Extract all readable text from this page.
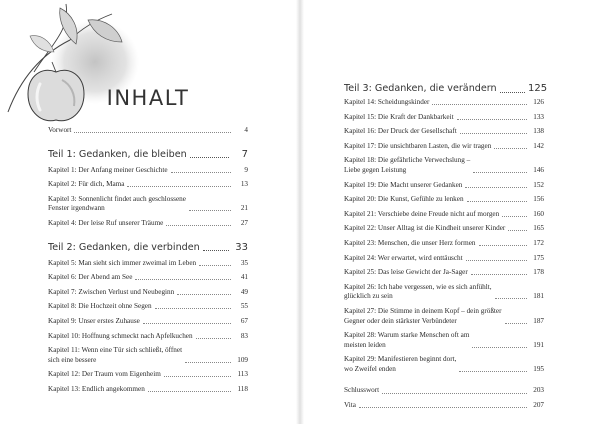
INHALT
Vorwort	4
Teil 1: Gedanken, die bleiben	7
Kapitel 1: Der Anfang meiner Geschichte	9
Kapitel 2: Für dich, Mama	13
Kapitel 3: Sonnenlicht findet auch geschlossene
Fenster irgendwann	21
Kapitel 4: Der leise Ruf unserer Träume	27
Teil 2: Gedanken, die verbinden	33
Kapitel 5: Man sieht sich immer zweimal im Leben	35
Kapitel 6: Der Abend am See	41
Kapitel 7: Zwischen Verlust und Neubeginn	49
Kapitel 8: Die Hochzeit ohne Segen	55
Kapitel 9: Unser erstes Zuhause	67
Kapitel 10: Hoffnung schmeckt nach Apfelkuchen	83
Kapitel 11: Wenn eine Tür sich schließt, öffnet
sich eine bessere	109
Kapitel 12: Der Traum vom Eigenheim	113
Kapitel 13: Endlich angekommen	118
Teil 3: Gedanken, die verändern	125
Kapitel 14: Scheidungskinder	126
Kapitel 15: Die Kraft der Dankbarkeit	133
Kapitel 16: Der Druck der Gesellschaft	138
Kapitel 17: Die unsichtbaren Lasten, die wir tragen	142
Kapitel 18: Die gefährliche Verwechslung –
Liebe gegen Leistung	146
Kapitel 19: Die Macht unserer Gedanken	152
Kapitel 20: Die Kunst, Gefühle zu lenken	156
Kapitel 21: Verschiebe deine Freude nicht auf morgen	160
Kapitel 22: Unser Alltag ist die Kindheit unserer Kinder	165
Kapitel 23: Menschen, die unser Herz formen	172
Kapitel 24: Wer erwartet, wird enttäuscht	175
Kapitel 25: Das leise Gewicht der Ja-Sager	178
Kapitel 26: Ich habe vergessen, wie es sich anfühlt,
glücklich zu sein	181
Kapitel 27: Die Stimme in deinem Kopf – dein größter
Gegner oder dein stärkster Verbündeter	187
Kapitel 28: Warum starke Menschen oft am
meisten leiden	191
Kapitel 29: Manifestieren beginnt dort,
wo Zweifel enden	195
Schlusswort	203
Vita	207
